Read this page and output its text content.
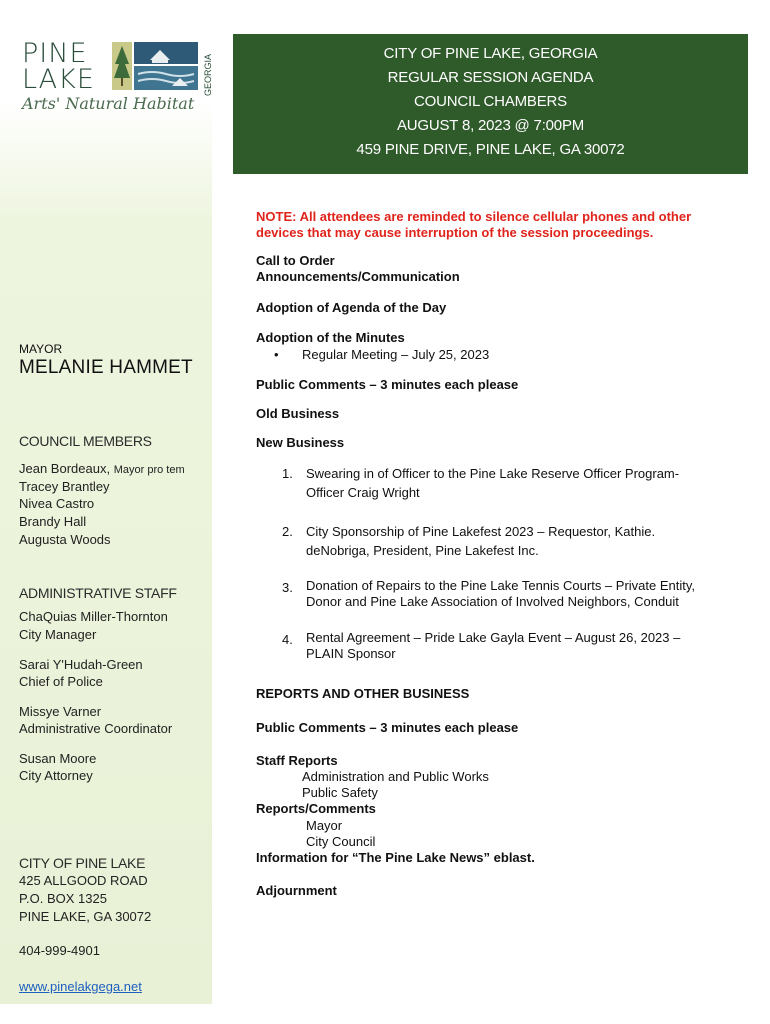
PINE
LAKE	GEORGIA
Arts' Natural Habitat
MAYOR
MELANIE HAMMET
COUNCIL MEMBERS
Jean Bordeaux, Mayor pro tem
Tracey Brantley
Nivea Castro
Brandy Hall
Augusta Woods
ADMINISTRATIVE STAFF
ChaQuias Miller-Thornton
City Manager
Sarai Y'Hudah-Green
Chief of Police
Missye Varner
Administrative Coordinator
Susan Moore
City Attorney
CITY OF PINE LAKE
425 ALLGOOD ROAD
P.O. BOX 1325
PINE LAKE, GA 30072
404-999-4901
www.pinelakgega.net
CITY OF PINE LAKE, GEORGIA
REGULAR SESSION AGENDA
COUNCIL CHAMBERS
AUGUST 8, 2023 @ 7:00PM
459 PINE DRIVE, PINE LAKE, GA 30072
NOTE: All attendees are reminded to silence cellular phones and other
devices that may cause interruption of the session proceedings.
Call to Order
Announcements/Communication
Adoption of Agenda of the Day
Adoption of the Minutes
• Regular Meeting – July 25, 2023
Public Comments – 3 minutes each please
Old Business
New Business
1. Swearing in of Officer to the Pine Lake Reserve Officer Program-
Officer Craig Wright
2. City Sponsorship of Pine Lakefest 2023 – Requestor, Kathie.
deNobriga, President, Pine Lakefest Inc.
3. Donation of Repairs to the Pine Lake Tennis Courts – Private Entity,
Donor and Pine Lake Association of Involved Neighbors, Conduit
4. Rental Agreement – Pride Lake Gayla Event – August 26, 2023 –
PLAIN Sponsor
REPORTS AND OTHER BUSINESS
Public Comments – 3 minutes each please
Staff Reports
Administration and Public Works
Public Safety
Reports/Comments
Mayor
City Council
Information for “The Pine Lake News” eblast.
Adjournment
